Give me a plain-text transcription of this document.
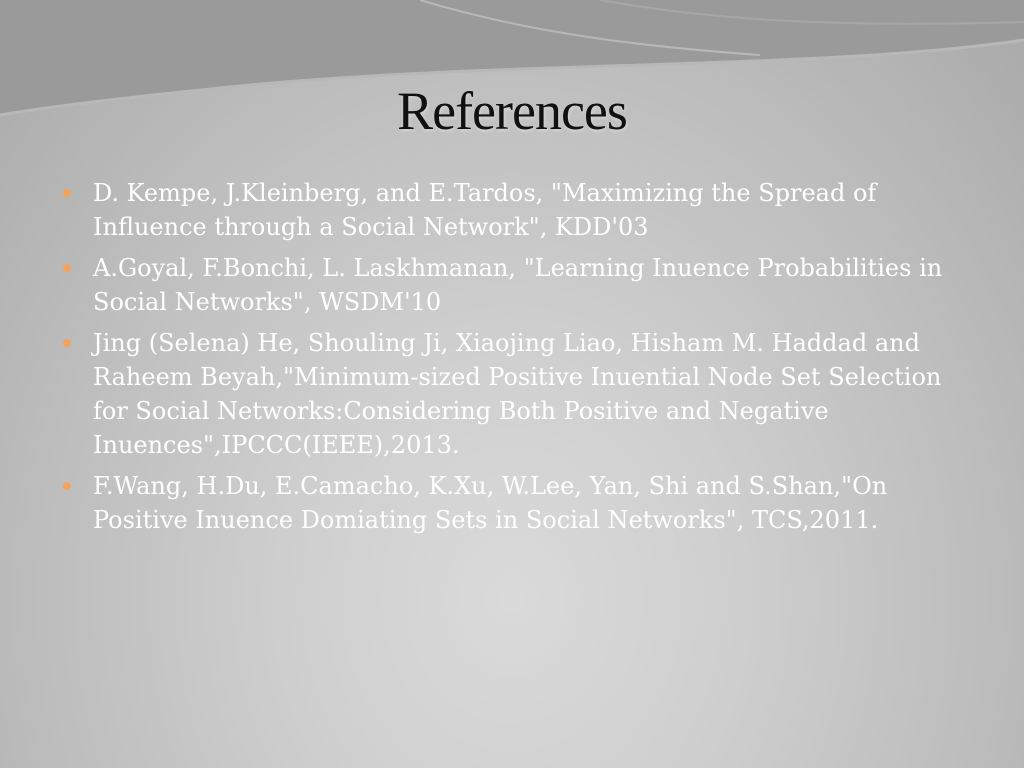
References
D. Kempe, J.Kleinberg, and E.Tardos, "Maximizing the Spread of Influence through a Social Network", KDD'03
A.Goyal, F.Bonchi, L. Laskhmanan, "Learning Inuence Probabilities in Social Networks", WSDM'10
Jing (Selena) He, Shouling Ji, Xiaojing Liao, Hisham M. Haddad and Raheem Beyah,"Minimum-sized Positive Inuential Node Set Selection for Social Networks:Considering Both Positive and Negative Inuences",IPCCC(IEEE),2013.
F.Wang, H.Du, E.Camacho, K.Xu, W.Lee, Yan, Shi and S.Shan,"On Positive Inuence Domiating Sets in Social Networks", TCS,2011.
